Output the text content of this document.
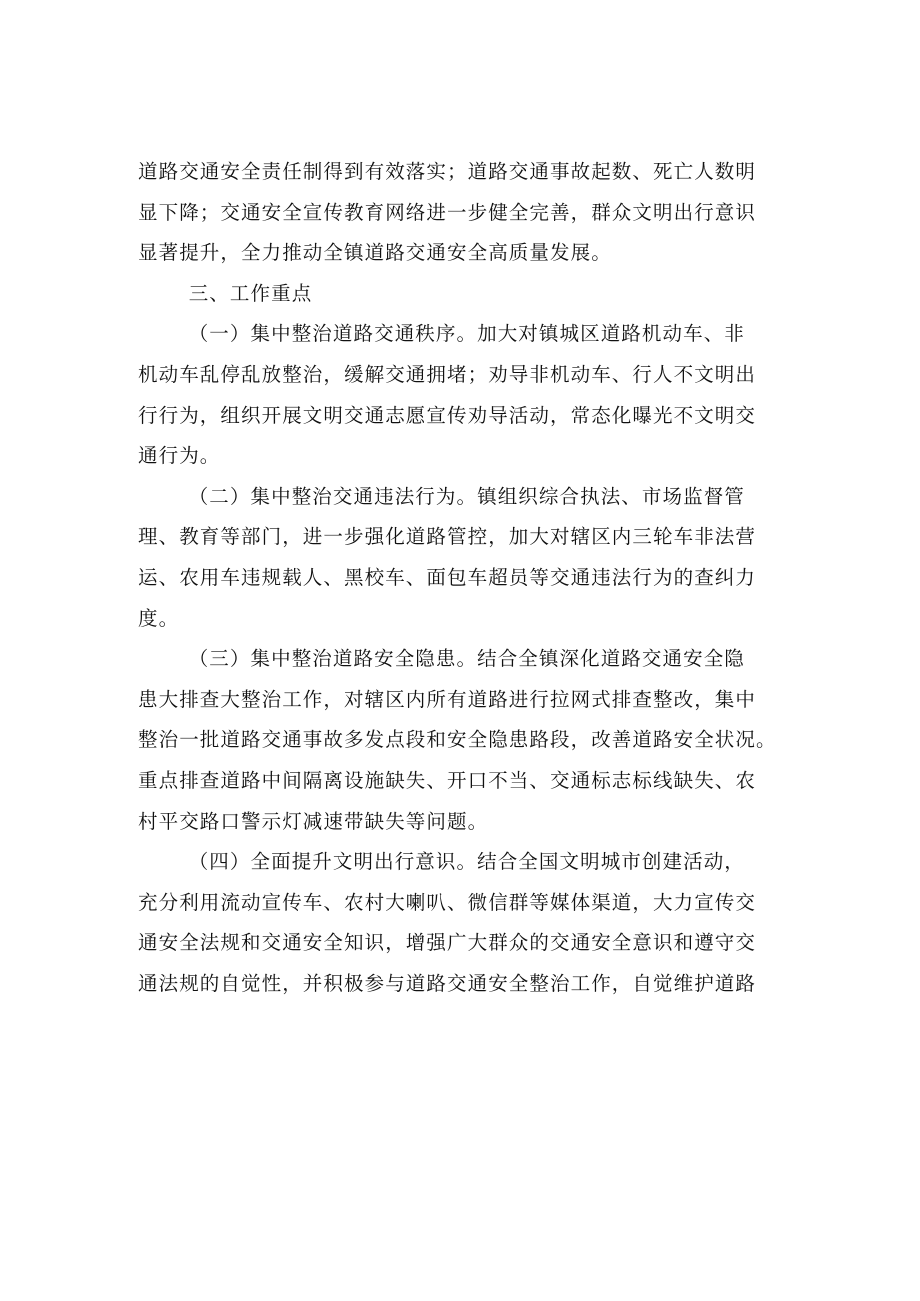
道路交通安全责任制得到有效落实；道路交通事故起数、死亡人数明
显下降；交通安全宣传教育网络进一步健全完善，群众文明出行意识
显著提升，全力推动全镇道路交通安全高质量发展。
三、工作重点
（一）集中整治道路交通秩序。加大对镇城区道路机动车、非
机动车乱停乱放整治，缓解交通拥堵；劝导非机动车、行人不文明出
行行为，组织开展文明交通志愿宣传劝导活动，常态化曝光不文明交
通行为。
（二）集中整治交通违法行为。镇组织综合执法、市场监督管
理、教育等部门，进一步强化道路管控，加大对辖区内三轮车非法营
运、农用车违规载人、黑校车、面包车超员等交通违法行为的查纠力
度。
（三）集中整治道路安全隐患。结合全镇深化道路交通安全隐
患大排查大整治工作，对辖区内所有道路进行拉网式排查整改，集中
整治一批道路交通事故多发点段和安全隐患路段，改善道路安全状况。
重点排查道路中间隔离设施缺失、开口不当、交通标志标线缺失、农
村平交路口警示灯减速带缺失等问题。
（四）全面提升文明出行意识。结合全国文明城市创建活动，
充分利用流动宣传车、农村大喇叭、微信群等媒体渠道，大力宣传交
通安全法规和交通安全知识，增强广大群众的交通安全意识和遵守交
通法规的自觉性，并积极参与道路交通安全整治工作，自觉维护道路
